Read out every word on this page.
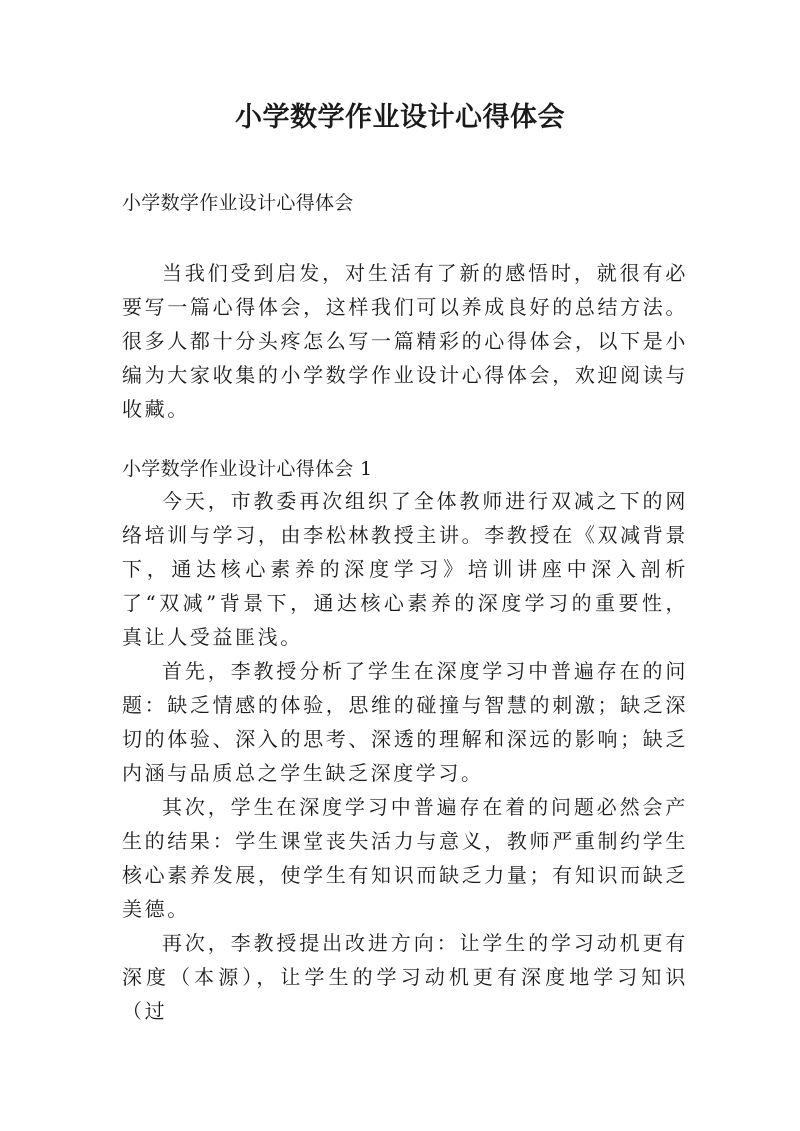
小学数学作业设计心得体会
小学数学作业设计心得体会

当我们受到启发，对生活有了新的感悟时，就很有必要写一篇心得体会，这样我们可以养成良好的总结方法。很多人都十分头疼怎么写一篇精彩的心得体会，以下是小编为大家收集的小学数学作业设计心得体会，欢迎阅读与收藏。

小学数学作业设计心得体会 1

今天，市教委再次组织了全体教师进行双减之下的网络培训与学习，由李松林教授主讲。李教授在《双减背景下，通达核心素养的深度学习》培训讲座中深入剖析了“双减”背景下，通达核心素养的深度学习的重要性，真让人受益匪浅。

首先，李教授分析了学生在深度学习中普遍存在的问题：缺乏情感的体验，思维的碰撞与智慧的刺激；缺乏深切的体验、深入的思考、深透的理解和深远的影响；缺乏内涵与品质总之学生缺乏深度学习。

其次，学生在深度学习中普遍存在着的问题必然会产生的结果：学生课堂丧失活力与意义，教师严重制约学生核心素养发展，使学生有知识而缺乏力量；有知识而缺乏美德。

再次，李教授提出改进方向：让学生的学习动机更有深度（本源），让学生的学习动机更有深度地学习知识（过
